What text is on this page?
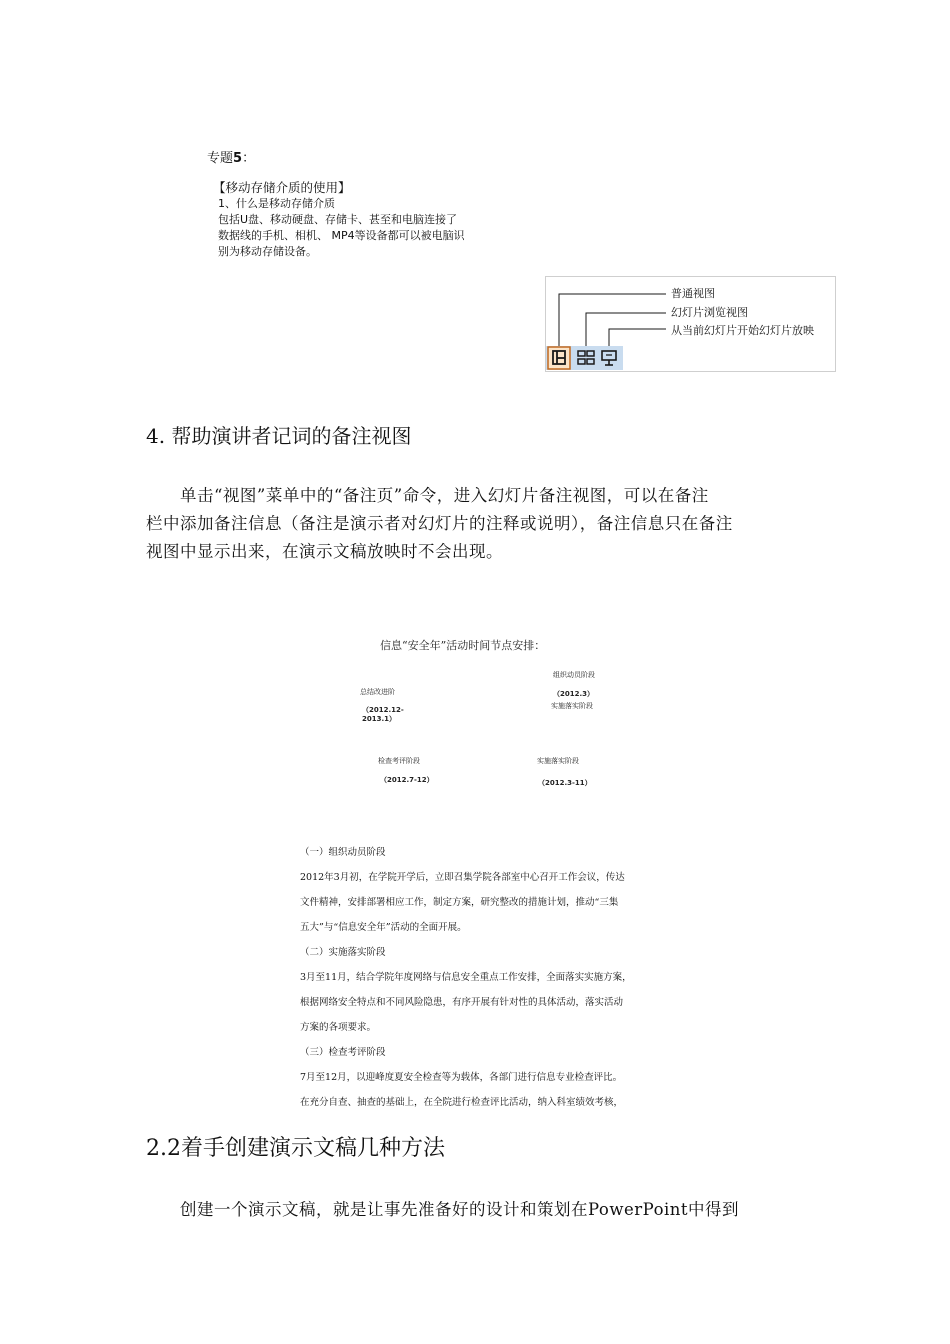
专题5：
【移动存储介质的使用】
1、什么是移动存储介质
包括U盘、移动硬盘、存储卡、甚至和电脑连接了
数据线的手机、相机、 MP4等设备都可以被电脑识
别为移动存储设备。
普通视图
幻灯片浏览视图
从当前幻灯片开始幻灯片放映
4. 帮助演讲者记词的备注视图

单击“视图”菜单中的“备注页”命令，进入幻灯片备注视图，可以在备注

栏中添加备注信息（备注是演示者对幻灯片的注释或说明），备注信息只在备注

视图中显示出来，在演示文稿放映时不会出现。

信息“安全年”活动时间节点安排：
组织动员阶段
（2012.3）
实施落实阶段
总结改进阶
（2012.12-2013.1）
检查考评阶段
（2012.7-12）
实施落实阶段
（2012.3-11）
（一）组织动员阶段
2012年3月初，在学院开学后，立即召集学院各部室中心召开工作会议，传达
文件精神，安排部署相应工作，制定方案，研究整改的措施计划，推动“三集
五大”与“信息安全年”活动的全面开展。
（二）实施落实阶段
3月至11月，结合学院年度网络与信息安全重点工作安排，全面落实实施方案，
根据网络安全特点和不同风险隐患，有序开展有针对性的具体活动，落实活动
方案的各项要求。
（三）检查考评阶段
7月至12月，以迎峰度夏安全检查等为载体，各部门进行信息专业检查评比。
在充分自查、抽查的基础上，在全院进行检查评比活动，纳入科室绩效考核，
2.2着手创建演示文稿几种方法
创建一个演示文稿，就是让事先准备好的设计和策划在PowerPoint中得到
